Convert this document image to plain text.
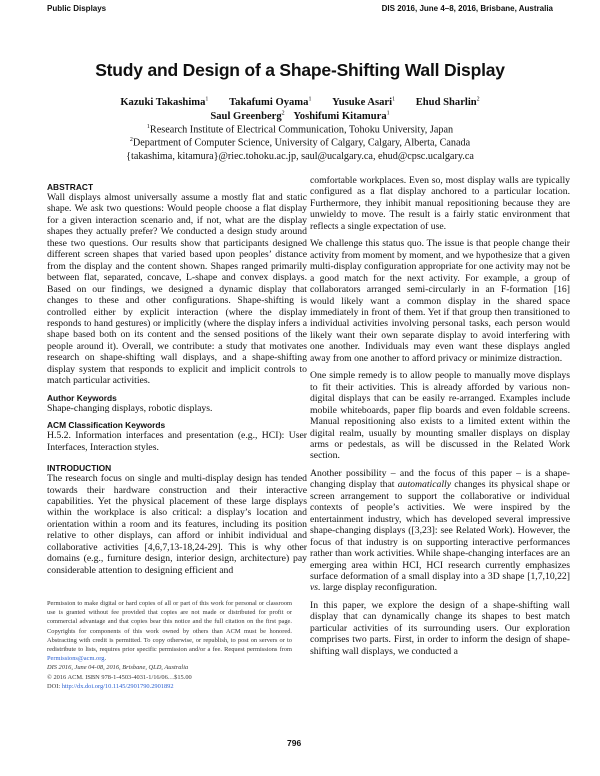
Public Displays	DIS 2016, June 4–8, 2016, Brisbane, Australia
Study and Design of a Shape-Shifting Wall Display
Kazuki Takashima$^1$ Takafumi Oyama$^1$ Yusuke Asari$^1$ Ehud Sharlin$^2$
Saul Greenberg$^2$ Yoshifumi Kitamura$^1$
$^1$Research Institute of Electrical Communication, Tohoku University, Japan
$^2$Department of Computer Science, University of Calgary, Calgary, Alberta, Canada
{takashima, kitamura}@riec.tohoku.ac.jp, saul@ucalgary.ca, ehud@cpsc.ucalgary.ca
ABSTRACT

Wall displays almost universally assume a mostly flat and static shape. We ask two questions: Would people choose a flat display for a given interaction scenario and, if not, what are the display shapes they actually prefer? We conducted a design study around these two questions. Our results show that participants designed different screen shapes that varied based upon peoples’ distance from the display and the content shown. Shapes ranged primarily between flat, separated, concave, L-shape and convex displays. Based on our findings, we designed a dynamic display that changes to these and other configurations. Shape-shifting is controlled either by explicit interaction (where the display responds to hand gestures) or implicitly (where the display infers a shape based both on its content and the sensed positions of the people around it). Overall, we contribute: a study that motivates research on shape-shifting wall displays, and a shape-shifting display system that responds to explicit and implicit controls to match particular activities.

Author Keywords

Shape-changing displays, robotic displays.

ACM Classification Keywords

H.5.2. Information interfaces and presentation (e.g., HCI): User Interfaces, Interaction styles.

INTRODUCTION

The research focus on single and multi-display design has tended towards their hardware construction and their interactive capabilities. Yet the physical placement of these large displays within the workplace is also critical: a display’s location and orientation within a room and its features, including its position relative to other displays, can afford or inhibit individual and collaborative activities [4,6,7,13-18,24-29]. This is why other domains (e.g., furniture design, interior design, architecture) pay considerable attention to designing efficient and

Permission to make digital or hard copies of all or part of this work for personal or classroom use is granted without fee provided that copies are not made or distributed for profit or commercial advantage and that copies bear this notice and the full citation on the first page. Copyrights for components of this work owned by others than ACM must be honored. Abstracting with credit is permitted. To copy otherwise, or republish, to post on servers or to redistribute to lists, requires prior specific permission and/or a fee. Request permissions from Permissions@acm.org.
DIS 2016, June 04-08, 2016, Brisbane, QLD, Australia
© 2016 ACM. ISBN 978-1-4503-4031-1/16/06…$15.00
DOI: http://dx.doi.org/10.1145/2901790.2901892

comfortable workplaces. Even so, most display walls are typically configured as a flat display anchored to a particular location. Furthermore, they inhibit manual repositioning because they are unwieldy to move. The result is a fairly static environment that reflects a single expectation of use.

We challenge this status quo. The issue is that people change their activity from moment by moment, and we hypothesize that a given multi-display configuration appropriate for one activity may not be a good match for the next activity. For example, a group of collaborators arranged semi-circularly in an F-formation [16] would likely want a common display in the shared space immediately in front of them. Yet if that group then transitioned to individual activities involving personal tasks, each person would likely want their own separate display to avoid interfering with one another. Individuals may even want these displays angled away from one another to afford privacy or minimize distraction.

One simple remedy is to allow people to manually move displays to fit their activities. This is already afforded by various non-digital displays that can be easily re-arranged. Examples include mobile whiteboards, paper flip boards and even foldable screens. Manual repositioning also exists to a limited extent within the digital realm, usually by mounting smaller displays on display arms or pedestals, as will be discussed in the Related Work section.

Another possibility – and the focus of this paper – is a shape-changing display that automatically changes its physical shape or screen arrangement to support the collaborative or individual contexts of people’s activities. We were inspired by the entertainment industry, which has developed several impressive shape-changing displays ([3,23]: see Related Work). However, the focus of that industry is on supporting interactive performances rather than work activities. While shape-changing interfaces are an emerging area within HCI, HCI research currently emphasizes surface deformation of a small display into a 3D shape [1,7,10,22] vs. large display reconfiguration.

In this paper, we explore the design of a shape-shifting wall display that can dynamically change its shapes to best match particular activities of its surrounding users. Our exploration comprises two parts. First, in order to inform the design of shape-shifting wall displays, we conducted a

796
